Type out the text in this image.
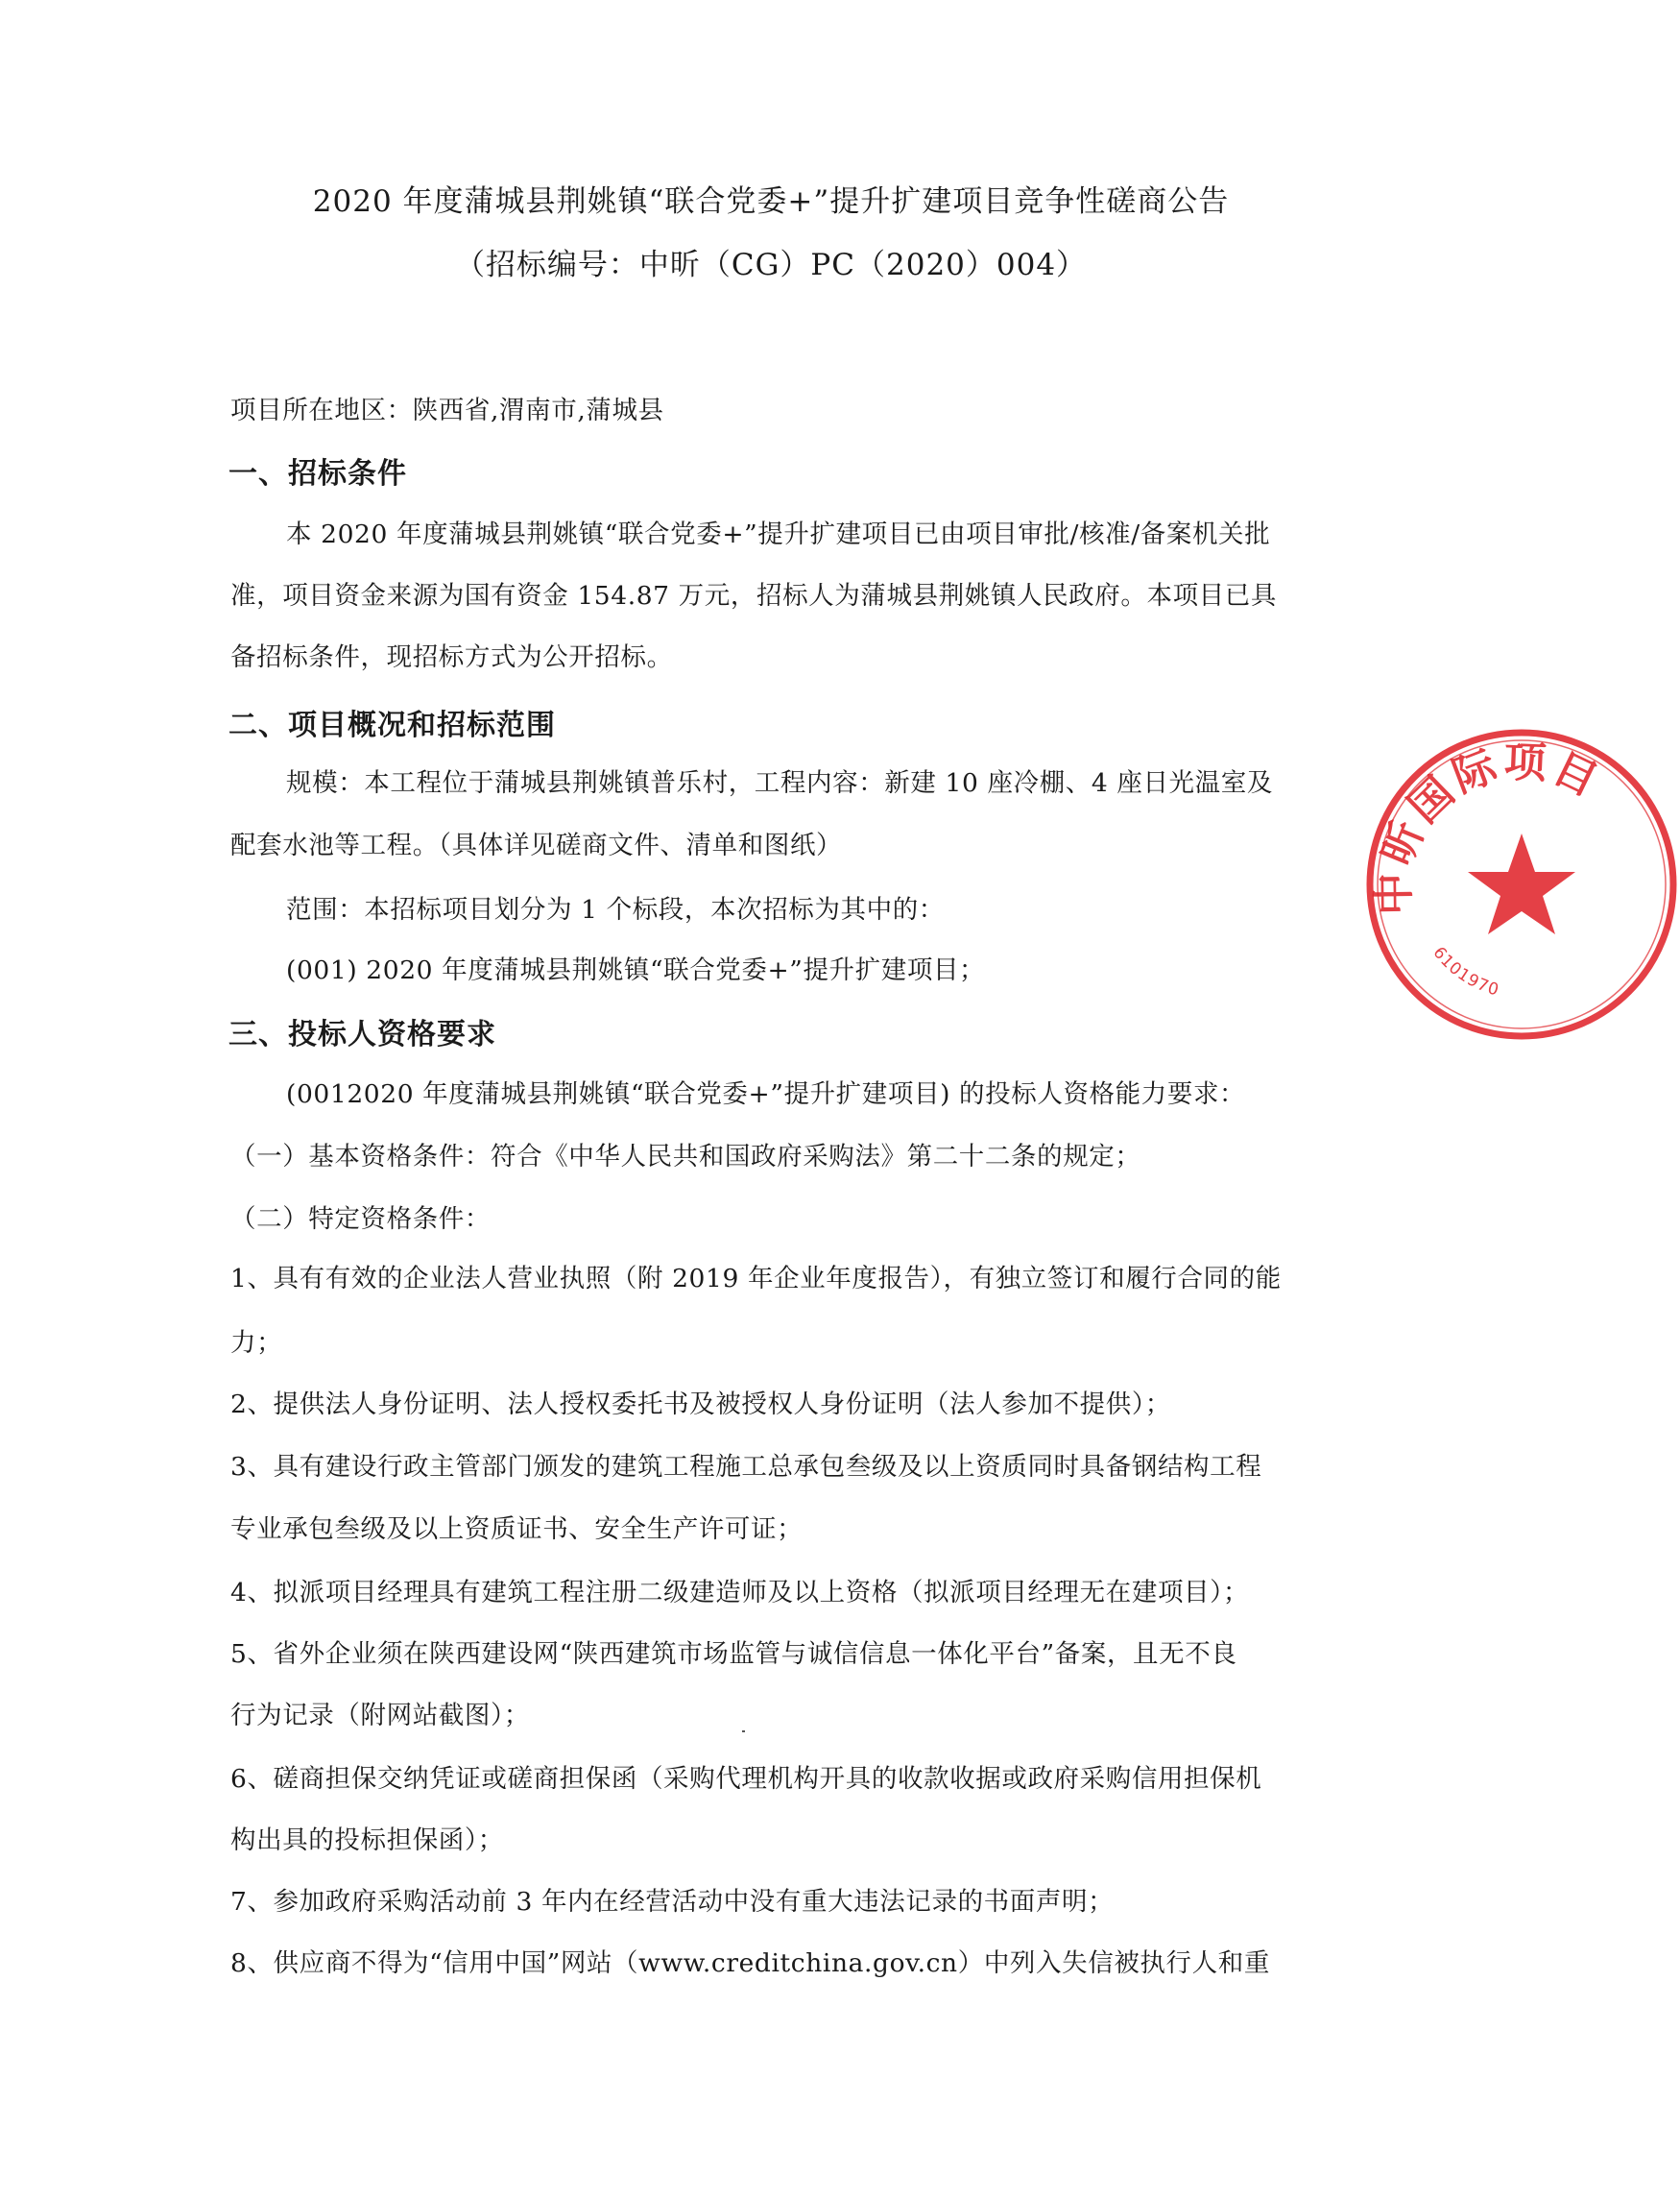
2020 年度蒲城县荆姚镇“联合党委+”提升扩建项目竞争性磋商公告
（招标编号：中昕（CG）PC（2020）004）
项目所在地区：陕西省,渭南市,蒲城县
一、招标条件
本 2020 年度蒲城县荆姚镇“联合党委+”提升扩建项目已由项目审批/核准/备案机关批
准，项目资金来源为国有资金 154.87 万元，招标人为蒲城县荆姚镇人民政府。本项目已具
备招标条件，现招标方式为公开招标。
二、项目概况和招标范围
规模：本工程位于蒲城县荆姚镇普乐村，工程内容：新建 10 座冷棚、4 座日光温室及
配套水池等工程。（具体详见磋商文件、清单和图纸）
范围：本招标项目划分为 1 个标段，本次招标为其中的：
(001) 2020 年度蒲城县荆姚镇“联合党委+”提升扩建项目；
三、投标人资格要求
(0012020 年度蒲城县荆姚镇“联合党委+”提升扩建项目) 的投标人资格能力要求：
（一）基本资格条件：符合《中华人民共和国政府采购法》第二十二条的规定；
（二）特定资格条件：
1、具有有效的企业法人营业执照（附 2019 年企业年度报告），有独立签订和履行合同的能
力；
2、提供法人身份证明、法人授权委托书及被授权人身份证明（法人参加不提供）；
3、具有建设行政主管部门颁发的建筑工程施工总承包叁级及以上资质同时具备钢结构工程
专业承包叁级及以上资质证书、安全生产许可证；
4、拟派项目经理具有建筑工程注册二级建造师及以上资格（拟派项目经理无在建项目）；
5、省外企业须在陕西建设网“陕西建筑市场监管与诚信信息一体化平台”备案，且无不良
行为记录（附网站截图）；
6、磋商担保交纳凭证或磋商担保函（采购代理机构开具的收款收据或政府采购信用担保机
构出具的投标担保函）；
7、参加政府采购活动前 3 年内在经营活动中没有重大违法记录的书面声明；
8、供应商不得为“信用中国”网站（www.creditchina.gov.cn）中列入失信被执行人和重
中昕国际项目
6101970
